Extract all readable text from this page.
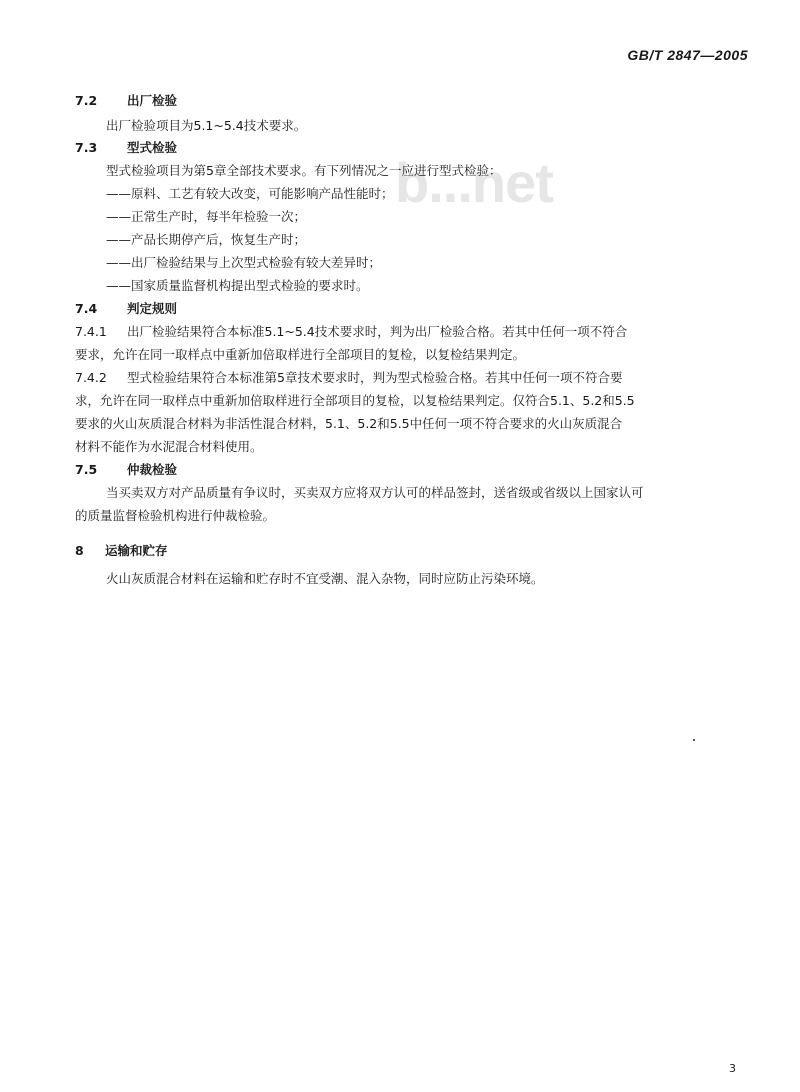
GB/T 2847—2005
b...net
7.2 出厂检验
出厂检验项目为5.1~5.4技术要求。
7.3 型式检验
型式检验项目为第5章全部技术要求。有下列情况之一应进行型式检验：
——原料、工艺有较大改变，可能影响产品性能时；
——正常生产时，每半年检验一次；
——产品长期停产后，恢复生产时；
——出厂检验结果与上次型式检验有较大差异时；
——国家质量监督机构提出型式检验的要求时。
7.4 判定规则
7.4.1 出厂检验结果符合本标准5.1~5.4技术要求时，判为出厂检验合格。若其中任何一项不符合
要求，允许在同一取样点中重新加倍取样进行全部项目的复检，以复检结果判定。
7.4.2 型式检验结果符合本标准第5章技术要求时，判为型式检验合格。若其中任何一项不符合要
求，允许在同一取样点中重新加倍取样进行全部项目的复检，以复检结果判定。仅符合5.1、5.2和5.5
要求的火山灰质混合材料为非活性混合材料，5.1、5.2和5.5中任何一项不符合要求的火山灰质混合
材料不能作为水泥混合材料使用。
7.5 仲裁检验
当买卖双方对产品质量有争议时，买卖双方应将双方认可的样品签封，送省级或省级以上国家认可
的质量监督检验机构进行仲裁检验。
8 运输和贮存
火山灰质混合材料在运输和贮存时不宜受潮、混入杂物，同时应防止污染环境。
3
